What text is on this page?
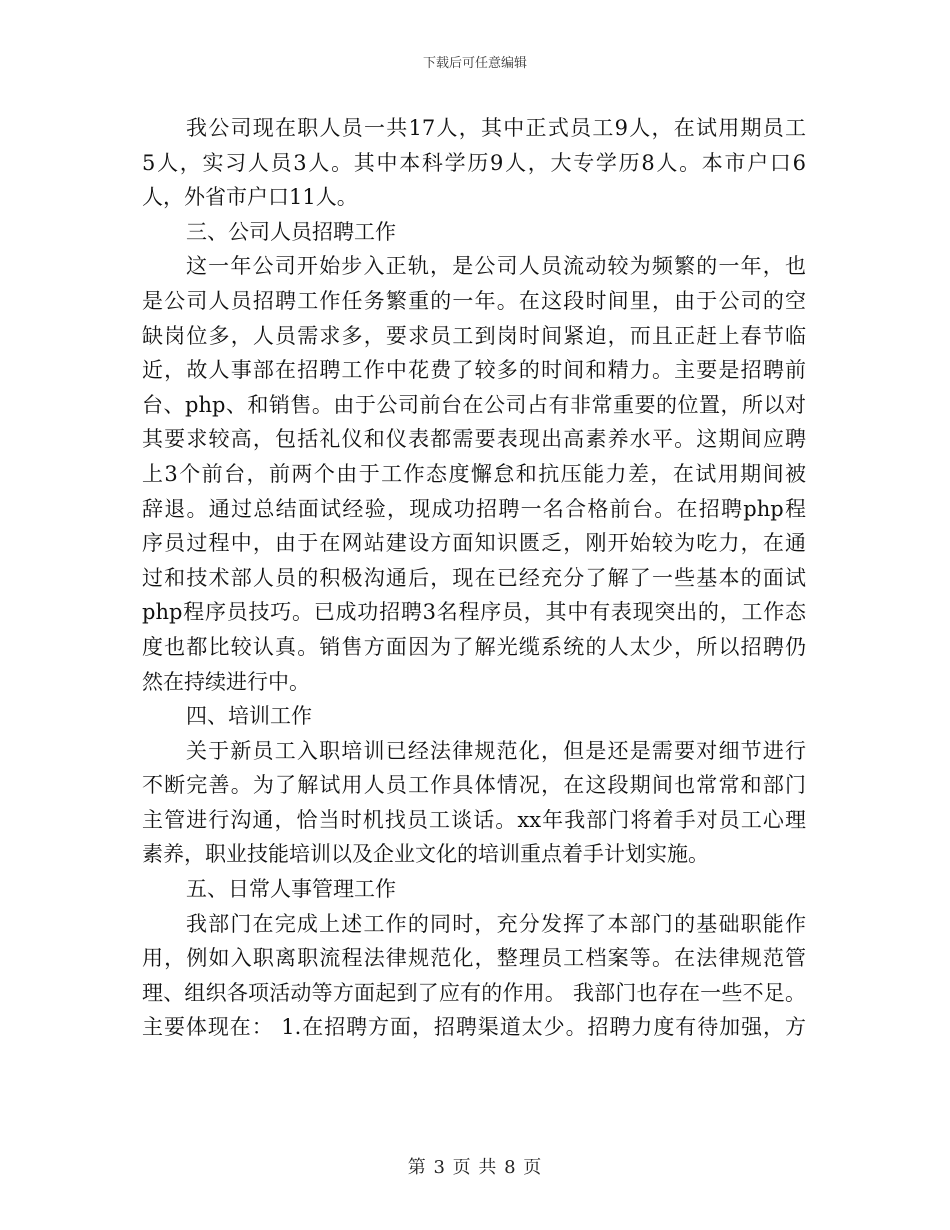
下载后可任意编辑
我公司现在职人员一共17人，其中正式员工9人，在试用期员工
5人，实习人员3人。其中本科学历9人，大专学历8人。本市户口6
人，外省市户口11人。
三、公司人员招聘工作
这一年公司开始步入正轨，是公司人员流动较为频繁的一年，也
是公司人员招聘工作任务繁重的一年。在这段时间里，由于公司的空
缺岗位多，人员需求多，要求员工到岗时间紧迫，而且正赶上春节临
近，故人事部在招聘工作中花费了较多的时间和精力。主要是招聘前
台、php、和销售。由于公司前台在公司占有非常重要的位置，所以对
其要求较高，包括礼仪和仪表都需要表现出高素养水平。这期间应聘
上3个前台，前两个由于工作态度懈怠和抗压能力差，在试用期间被
辞退。通过总结面试经验，现成功招聘一名合格前台。在招聘php程
序员过程中，由于在网站建设方面知识匮乏，刚开始较为吃力，在通
过和技术部人员的积极沟通后，现在已经充分了解了一些基本的面试
php程序员技巧。已成功招聘3名程序员，其中有表现突出的，工作态
度也都比较认真。销售方面因为了解光缆系统的人太少，所以招聘仍
然在持续进行中。
四、培训工作
关于新员工入职培训已经法律规范化，但是还是需要对细节进行
不断完善。为了解试用人员工作具体情况，在这段期间也常常和部门
主管进行沟通，恰当时机找员工谈话。xx年我部门将着手对员工心理
素养，职业技能培训以及企业文化的培训重点着手计划实施。
五、日常人事管理工作
我部门在完成上述工作的同时，充分发挥了本部门的基础职能作
用，例如入职离职流程法律规范化，整理员工档案等。在法律规范管
理、组织各项活动等方面起到了应有的作用。 我部门也存在一些不足。
主要体现在： 1.在招聘方面，招聘渠道太少。招聘力度有待加强，方
第 3 页 共 8 页
